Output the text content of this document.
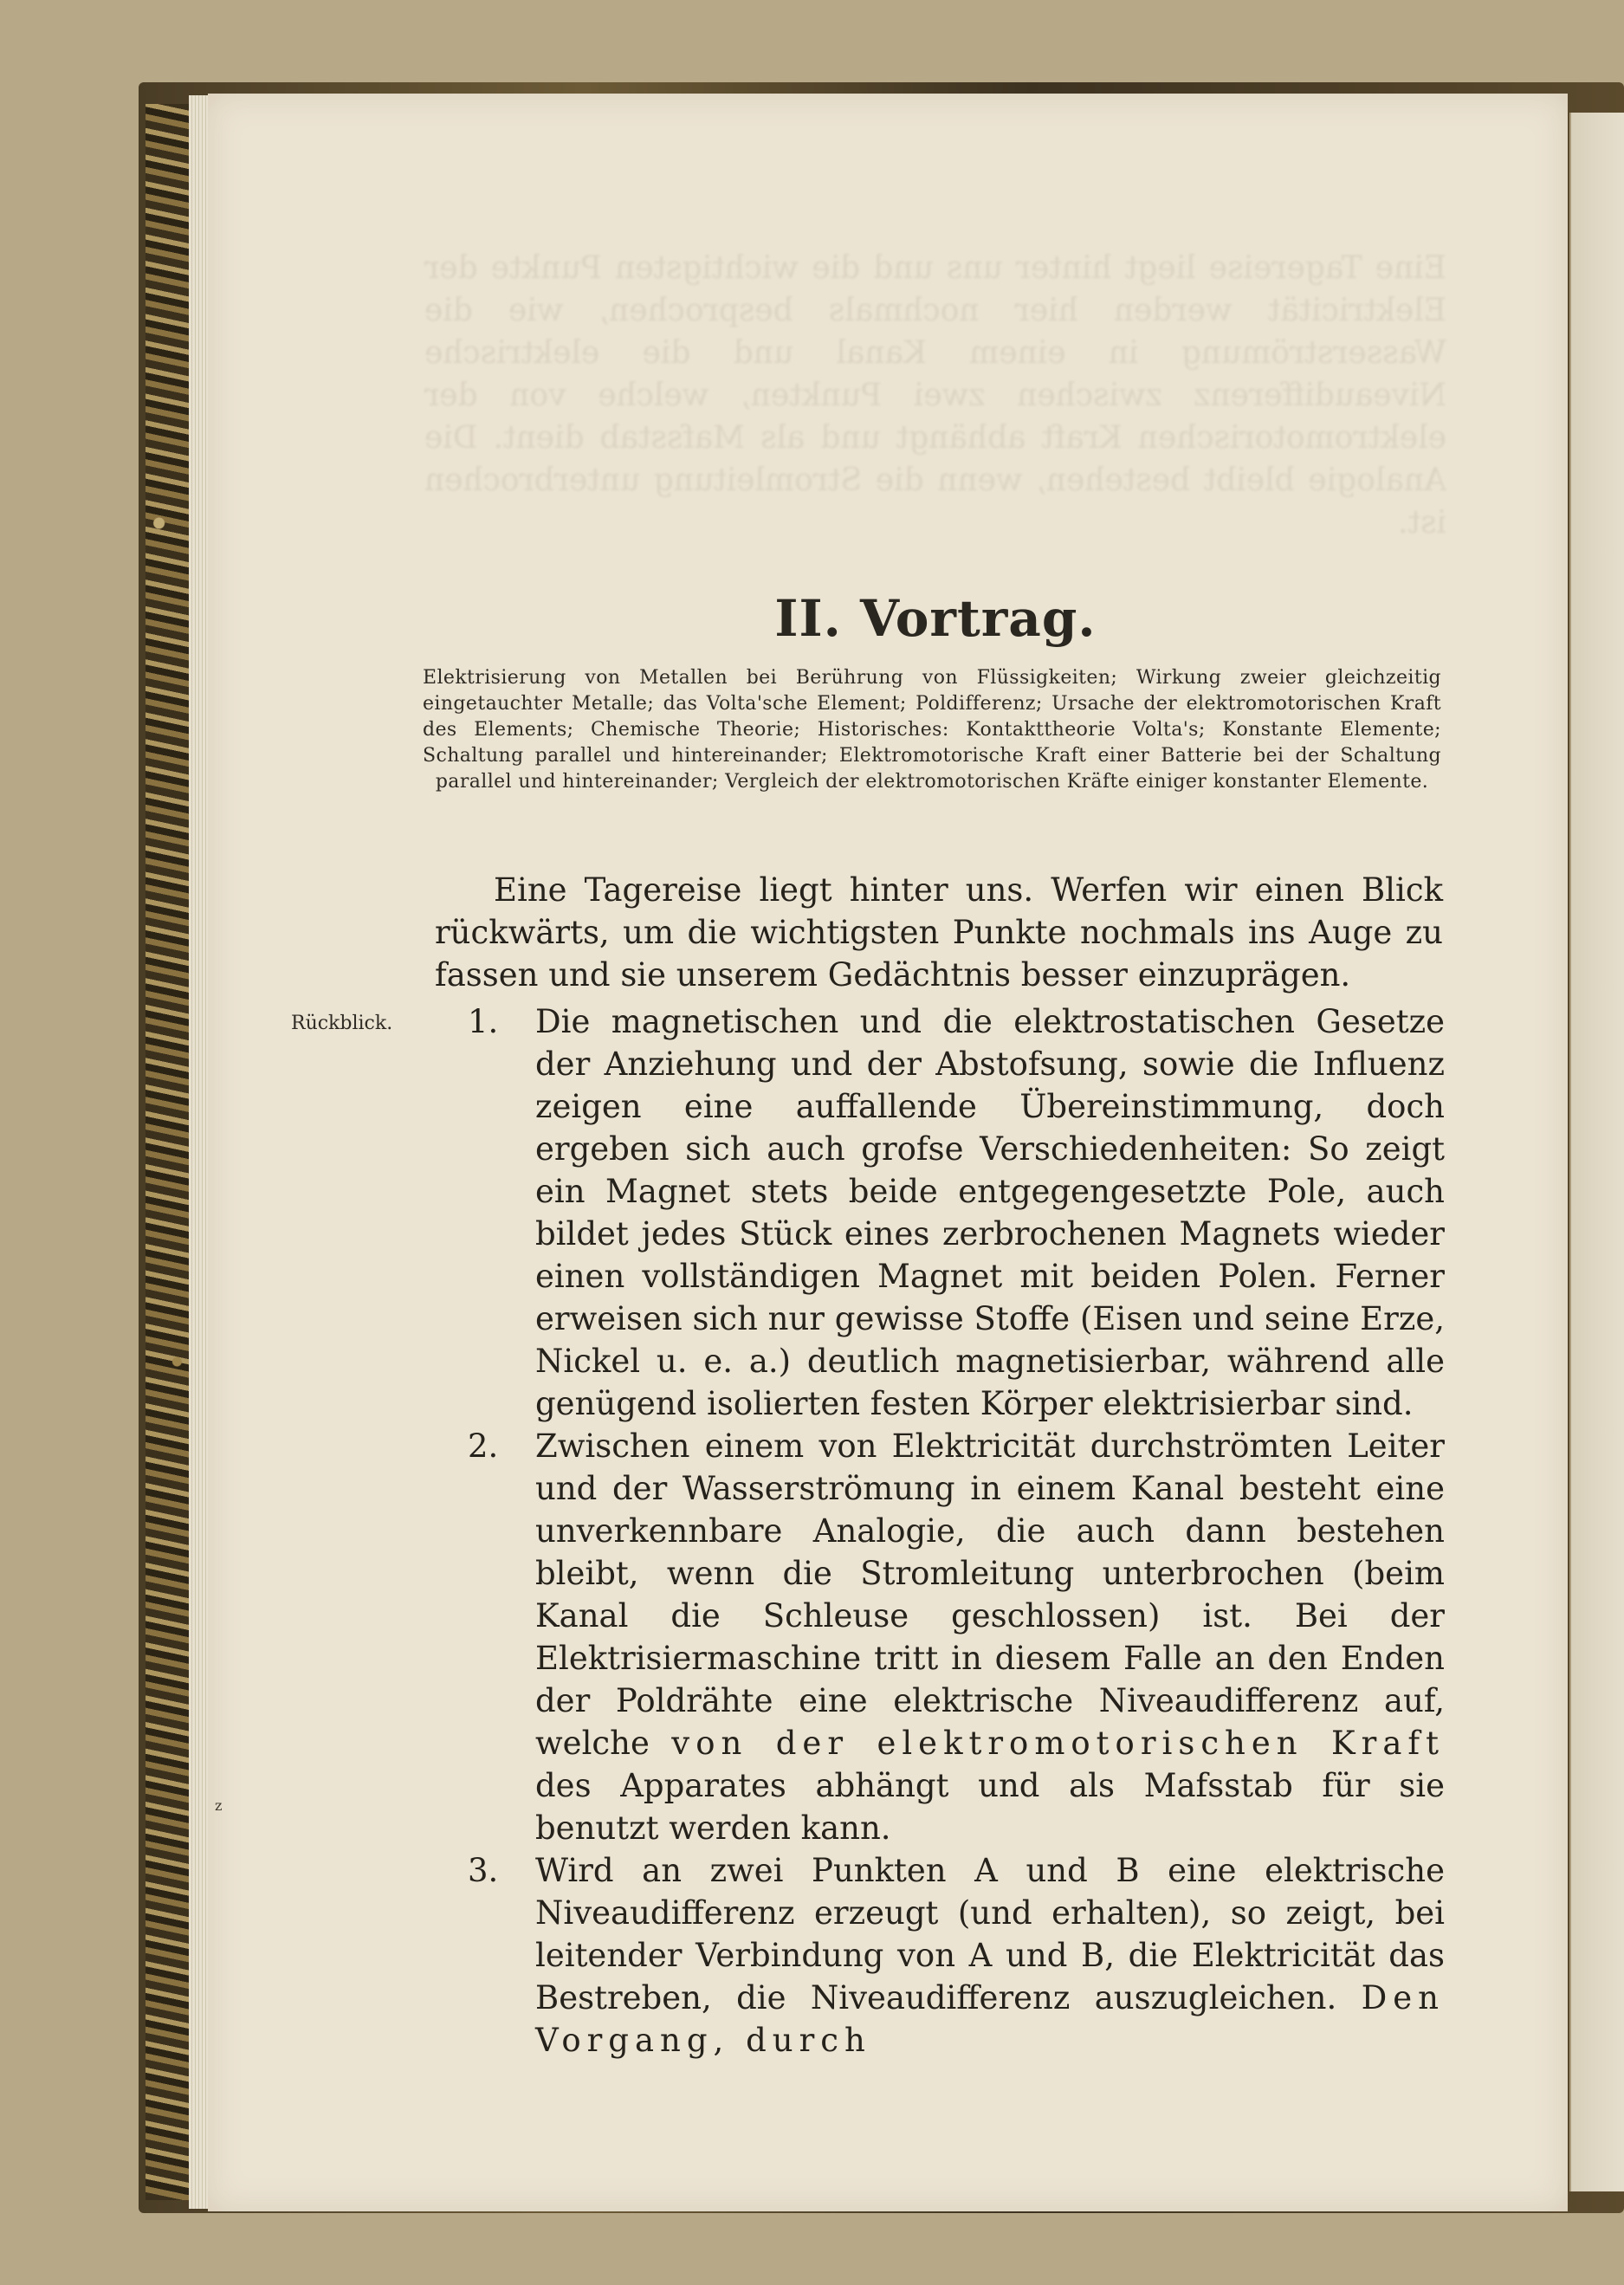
Eine Tagereise liegt hinter uns und die wichtigsten Punkte der Elektricität werden hier nochmals besprochen, wie die Wasserströmung in einem Kanal und die elektrische Niveaudifferenz zwischen zwei Punkten, welche von der elektromotorischen Kraft abhängt und als Mafsstab dient. Die Analogie bleibt bestehen, wenn die Stromleitung unterbrochen ist.
II. Vortrag.
Elektrisierung von Metallen bei Berührung von Flüssigkeiten; Wirkung zweier gleichzeitig eingetauchter Metalle; das Volta'sche Element; Poldifferenz; Ursache der elektromotorischen Kraft des Elements; Chemische Theorie; Historisches: Kontakttheorie Volta's; Konstante Elemente; Schaltung parallel und hintereinander; Elektromotorische Kraft einer Batterie bei der Schaltung parallel und hintereinander; Vergleich der elektromotorischen Kräfte einiger konstanter Elemente.
Eine Tagereise liegt hinter uns. Werfen wir einen Blick rückwärts, um die wichtigsten Punkte nochmals ins Auge zu fassen und sie unserem Gedächtnis besser einzuprägen.
Rückblick. 1.	Die magnetischen und die elektrostatischen Gesetze der Anziehung und der Abstofsung, sowie die Influenz zeigen eine auffallende Übereinstimmung, doch ergeben sich auch grofse Verschiedenheiten: So zeigt ein Magnet stets beide entgegengesetzte Pole, auch bildet jedes Stück eines zerbrochenen Magnets wieder einen vollständigen Magnet mit beiden Polen. Ferner erweisen sich nur gewisse Stoffe (Eisen und seine Erze, Nickel u. e. a.) deutlich magnetisierbar, während alle genügend isolierten festen Körper elektrisierbar sind.
2.	Zwischen einem von Elektricität durchströmten Leiter und der Wasserströmung in einem Kanal besteht eine unverkennbare Analogie, die auch dann bestehen bleibt, wenn die Stromleitung unterbrochen (beim Kanal die Schleuse geschlossen) ist. Bei der Elektrisiermaschine tritt in diesem Falle an den Enden der Poldrähte eine elektrische Niveaudifferenz auf, welche von der elektromotorischen Kraft des Apparates abhängt und als Mafsstab für sie benutzt werden kann.
3.	Wird an zwei Punkten A und B eine elektrische Niveaudifferenz erzeugt (und erhalten), so zeigt, bei leitender Verbindung von A und B, die Elektricität das Bestreben, die Niveaudifferenz auszugleichen. Den Vorgang, durch
z
